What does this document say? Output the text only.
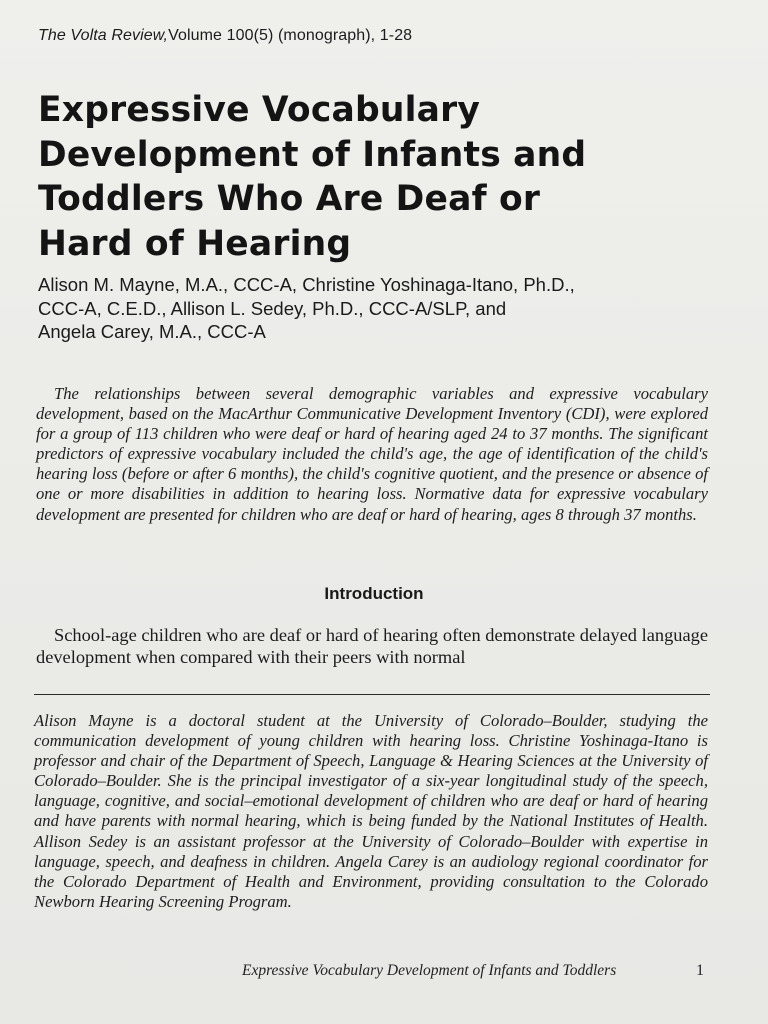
The Volta Review,Volume 100(5) (monograph), 1-28
Expressive Vocabulary
Development of Infants and
Toddlers Who Are Deaf or
Hard of Hearing
Alison M. Mayne, M.A., CCC-A, Christine Yoshinaga-Itano, Ph.D.,
CCC-A, C.E.D., Allison L. Sedey, Ph.D., CCC-A/SLP, and
Angela Carey, M.A., CCC-A

The relationships between several demographic variables and expressive vocabulary development, based on the MacArthur Communicative Development Inventory (CDI), were explored for a group of 113 children who were deaf or hard of hearing aged 24 to 37 months. The significant predictors of expressive vocabulary included the child's age, the age of identification of the child's hearing loss (before or after 6 months), the child's cognitive quotient, and the presence or absence of one or more disabilities in addition to hearing loss. Normative data for expressive vocabulary development are presented for children who are deaf or hard of hearing, ages 8 through 37 months.

Introduction

School-age children who are deaf or hard of hearing often demonstrate delayed language development when compared with their peers with normal

Alison Mayne is a doctoral student at the University of Colorado–Boulder, studying the communication development of young children with hearing loss. Christine Yoshinaga-Itano is professor and chair of the Department of Speech, Language & Hearing Sciences at the University of Colorado–Boulder. She is the principal investigator of a six-year longitudinal study of the speech, language, cognitive, and social–emotional development of children who are deaf or hard of hearing and have parents with normal hearing, which is being funded by the National Institutes of Health. Allison Sedey is an assistant professor at the University of Colorado–Boulder with expertise in language, speech, and deafness in children. Angela Carey is an audiology regional coordinator for the Colorado Department of Health and Environment, providing consultation to the Colorado Newborn Hearing Screening Program.

Expressive Vocabulary Development of Infants and Toddlers	1
